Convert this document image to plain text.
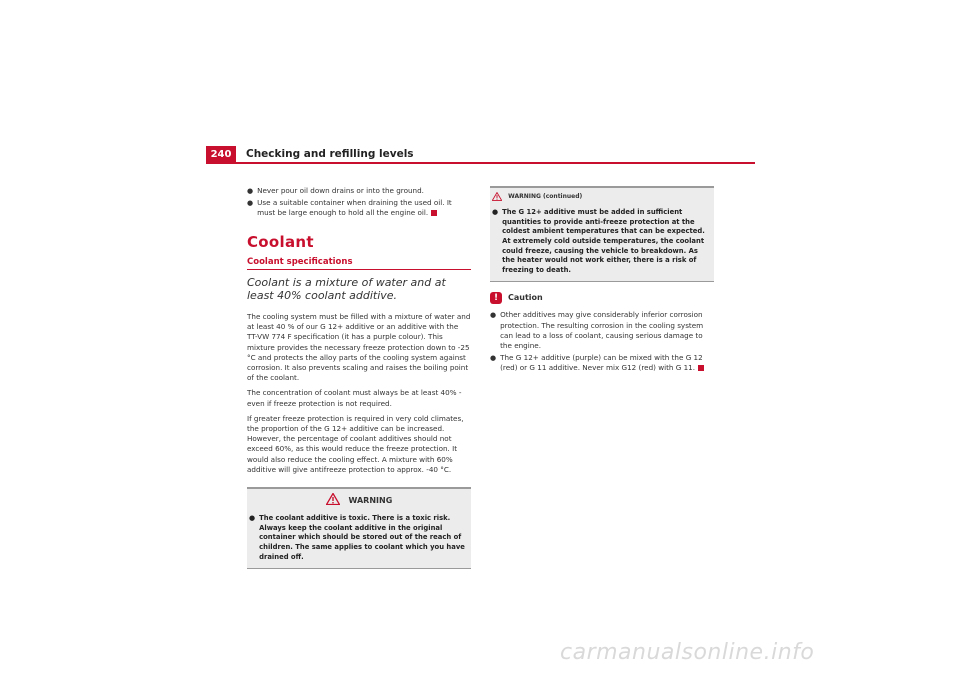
240	Checking and refilling levels
● Never pour oil down drains or into the ground.
● Use a suitable container when draining the used oil. It must be large enough to hold all the engine oil.
Coolant
Coolant specifications
Coolant is a mixture of water and at least 40% coolant additive.

The cooling system must be filled with a mixture of water and at least 40 % of our G 12+ additive or an additive with the TT-VW 774 F specification (it has a purple colour). This mixture provides the necessary freeze protection down to -25 °C and protects the alloy parts of the cooling system against corrosion. It also prevents scaling and raises the boiling point of the coolant.

The concentration of coolant must always be at least 40% - even if freeze protection is not required.

If greater freeze protection is required in very cold climates, the proportion of the G 12+ additive can be increased. However, the percentage of coolant additives should not exceed 60%, as this would reduce the freeze protection. It would also reduce the cooling effect. A mixture with 60% additive will give antifreeze protection to approx. -40 °C.

WARNING
● The coolant additive is toxic. There is a toxic risk. Always keep the coolant additive in the original container which should be stored out of the reach of children. The same applies to coolant which you have drained off.
WARNING (continued)
● The G 12+ additive must be added in sufficient quantities to provide anti-freeze protection at the coldest ambient temperatures that can be expected. At extremely cold outside temperatures, the coolant could freeze, causing the vehicle to breakdown. As the heater would not work either, there is a risk of freezing to death.
!	Caution
● Other additives may give considerably inferior corrosion protection. The resulting corrosion in the cooling system can lead to a loss of coolant, causing serious damage to the engine.
● The G 12+ additive (purple) can be mixed with the G 12 (red) or G 11 additive. Never mix G12 (red) with G 11.
carmanualsonline.info
